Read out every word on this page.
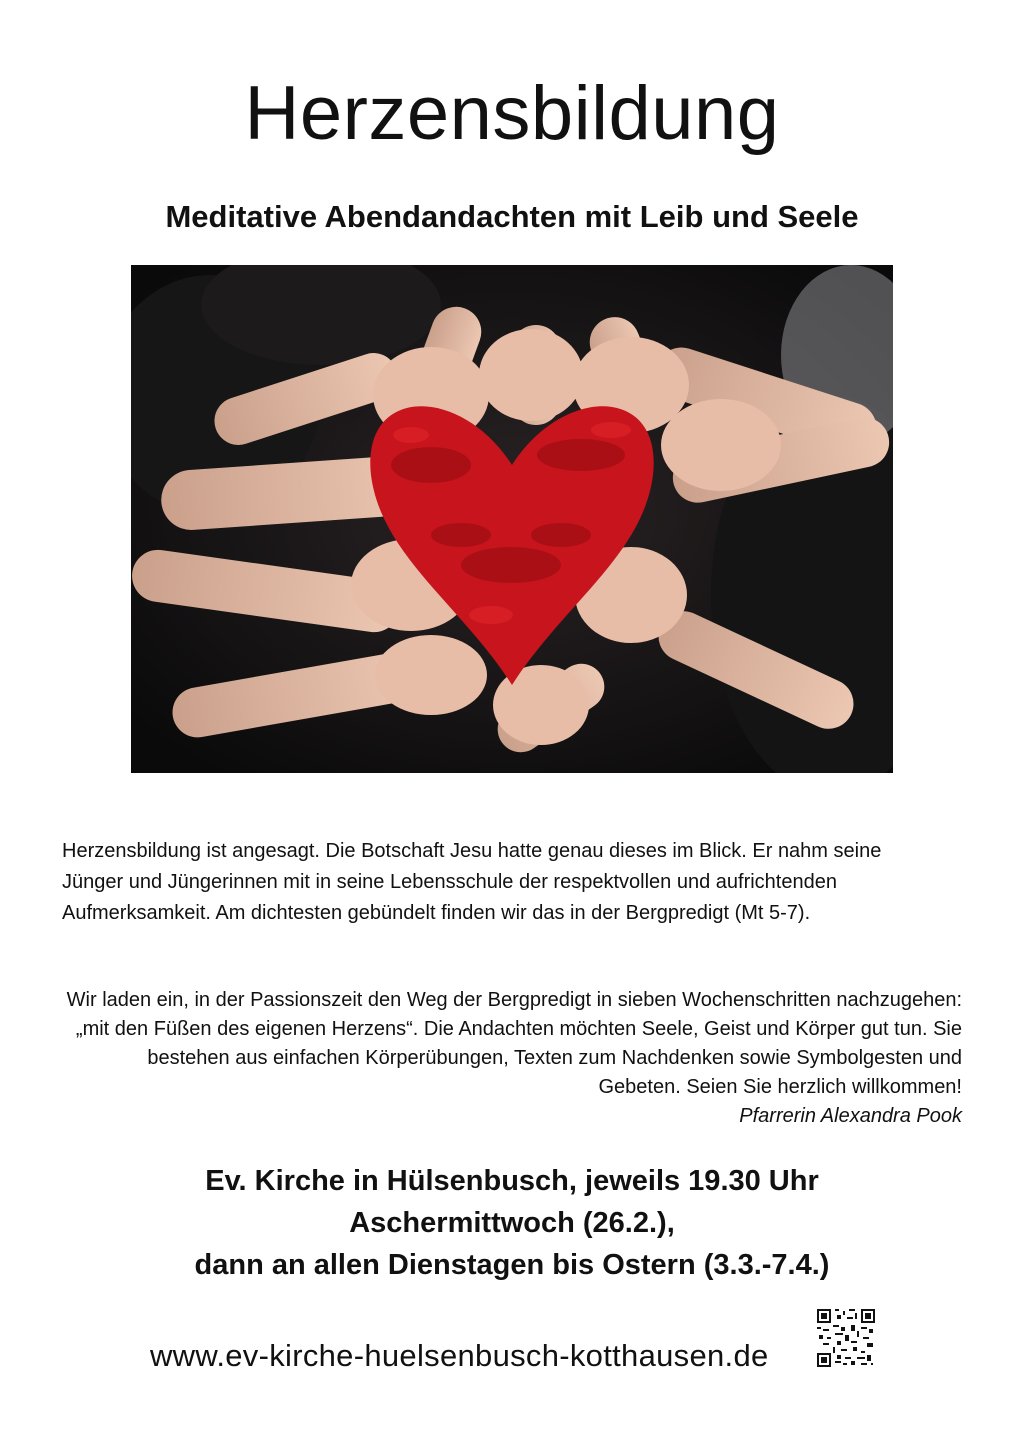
Herzensbildung
Meditative Abendandachten mit Leib und Seele
Herzensbildung ist angesagt. Die Botschaft Jesu hatte genau dieses im Blick. Er nahm seine Jünger und Jüngerinnen mit in seine Lebensschule der respektvollen und aufrichtenden Aufmerksamkeit. Am dichtesten gebündelt finden wir das in der Bergpredigt (Mt 5-7).

Wir laden ein, in der Passionszeit den Weg der Bergpredigt in sieben Wochenschritten nachzugehen: „mit den Füßen des eigenen Herzens“. Die Andachten möchten Seele, Geist und Körper gut tun. Sie bestehen aus einfachen Körperübungen, Texten zum Nachdenken sowie Symbolgesten und Gebeten. Seien Sie herzlich willkommen!

Pfarrerin Alexandra Pook

Ev. Kirche in Hülsenbusch, jeweils 19.30 Uhr
Aschermittwoch (26.2.),
dann an allen Dienstagen bis Ostern (3.3.-7.4.)
www.ev-kirche-huelsenbusch-kotthausen.de
